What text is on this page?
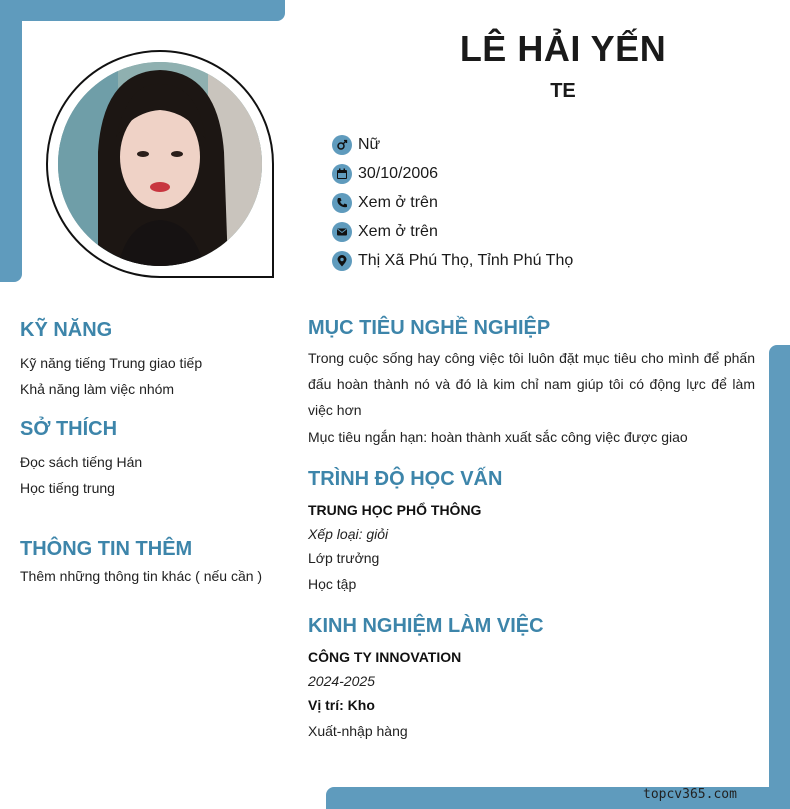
LÊ HẢI YẾN
TE
Nữ
30/10/2006
Xem ở trên
Xem ở trên
Thị Xã Phú Thọ, Tỉnh Phú Thọ
KỸ NĂNG

Kỹ năng tiếng Trung giao tiếp

Khả năng làm việc nhóm

SỞ THÍCH

Đọc sách tiếng Hán

Học tiếng trung

THÔNG TIN THÊM

Thêm những thông tin khác ( nếu cần )

MỤC TIÊU NGHỀ NGHIỆP

Trong cuộc sống hay công việc tôi luôn đặt mục tiêu cho mình để phấn đấu hoàn thành nó và đó là kim chỉ nam giúp tôi có động lực để làm việc hơn

Mục tiêu ngắn hạn: hoàn thành xuất sắc công việc được giao

TRÌNH ĐỘ HỌC VẤN

TRUNG HỌC PHỔ THÔNG

Xếp loại: giỏi

Lớp trưởng

Học tập

KINH NGHIỆM LÀM VIỆC

CÔNG TY INNOVATION

2024-2025

Vị trí: Kho

Xuất-nhập hàng

topcv365.com
